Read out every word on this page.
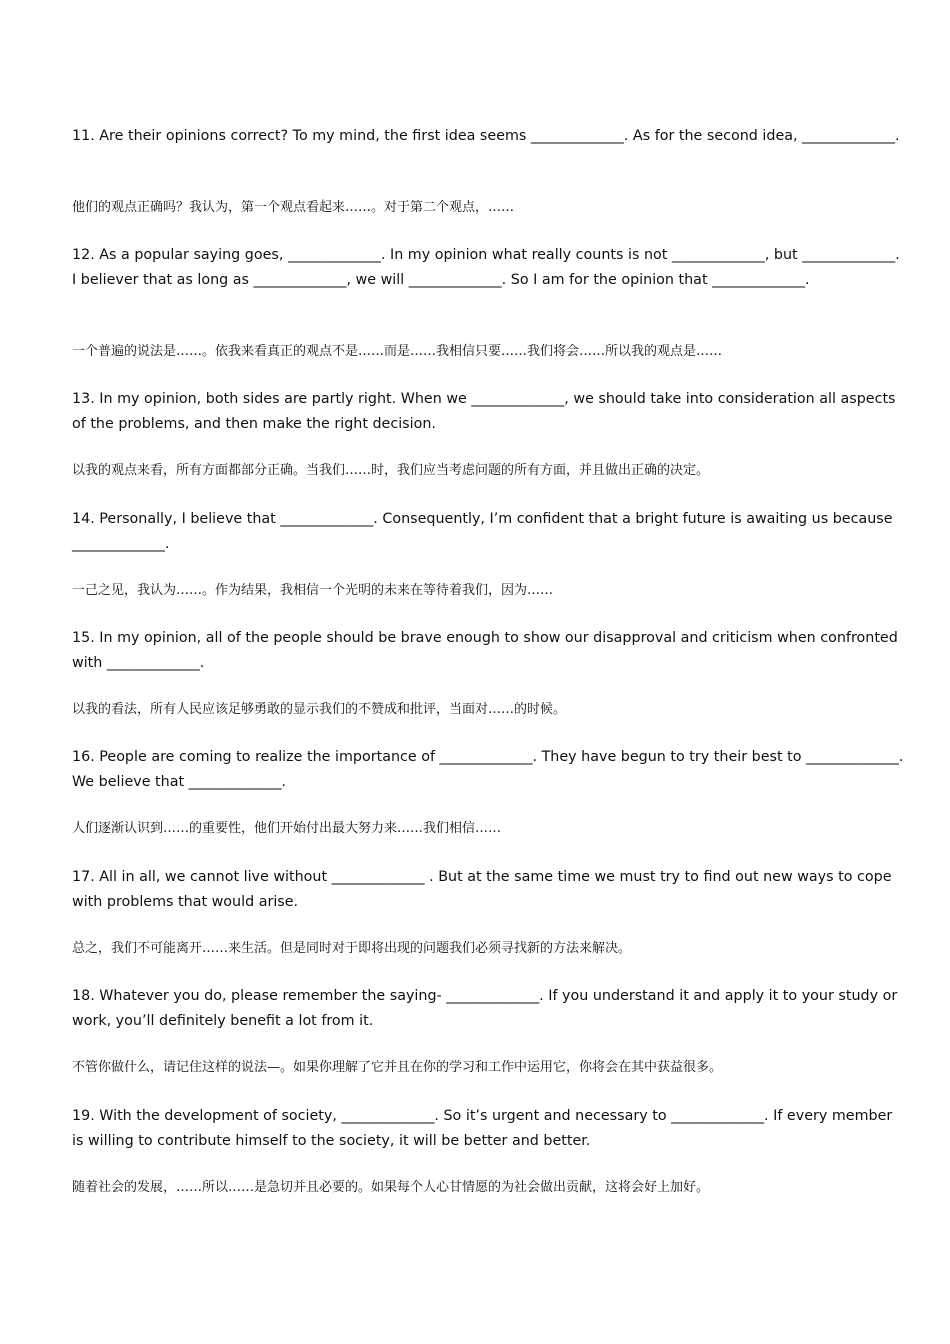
11. Are their opinions correct? To my mind, the first idea seems _____________. As for the second idea, _____________.

他们的观点正确吗？我认为，第一个观点看起来……。对于第二个观点，……

12. As a popular saying goes, _____________. In my opinion what really counts is not _____________, but _____________. I believer that as long as _____________, we will _____________. So I am for the opinion that _____________.

一个普遍的说法是……。依我来看真正的观点不是……而是……我相信只要……我们将会……所以我的观点是……

13. In my opinion, both sides are partly right. When we _____________, we should take into consideration all aspects of the problems, and then make the right decision.

以我的观点来看，所有方面都部分正确。当我们……时，我们应当考虑问题的所有方面，并且做出正确的决定。

14. Personally, I believe that _____________. Consequently, I’m confident that a bright future is awaiting us because _____________.

一己之见，我认为……。作为结果，我相信一个光明的未来在等待着我们，因为……

15. In my opinion, all of the people should be brave enough to show our disapproval and criticism when confronted with _____________.

以我的看法，所有人民应该足够勇敢的显示我们的不赞成和批评，当面对……的时候。

16. People are coming to realize the importance of _____________. They have begun to try their best to _____________. We believe that _____________.

人们逐渐认识到……的重要性，他们开始付出最大努力来……我们相信……

17. All in all, we cannot live without _____________ . But at the same time we must try to find out new ways to cope with problems that would arise.

总之，我们不可能离开……来生活。但是同时对于即将出现的问题我们必须寻找新的方法来解决。

18. Whatever you do, please remember the saying- _____________. If you understand it and apply it to your study or work, you’ll definitely benefit a lot from it.

不管你做什么，请记住这样的说法—。如果你理解了它并且在你的学习和工作中运用它，你将会在其中获益很多。

19. With the development of society, _____________. So it’s urgent and necessary to _____________. If every member is willing to contribute himself to the society, it will be better and better.

随着社会的发展，……所以……是急切并且必要的。如果每个人心甘情愿的为社会做出贡献，这将会好上加好。
